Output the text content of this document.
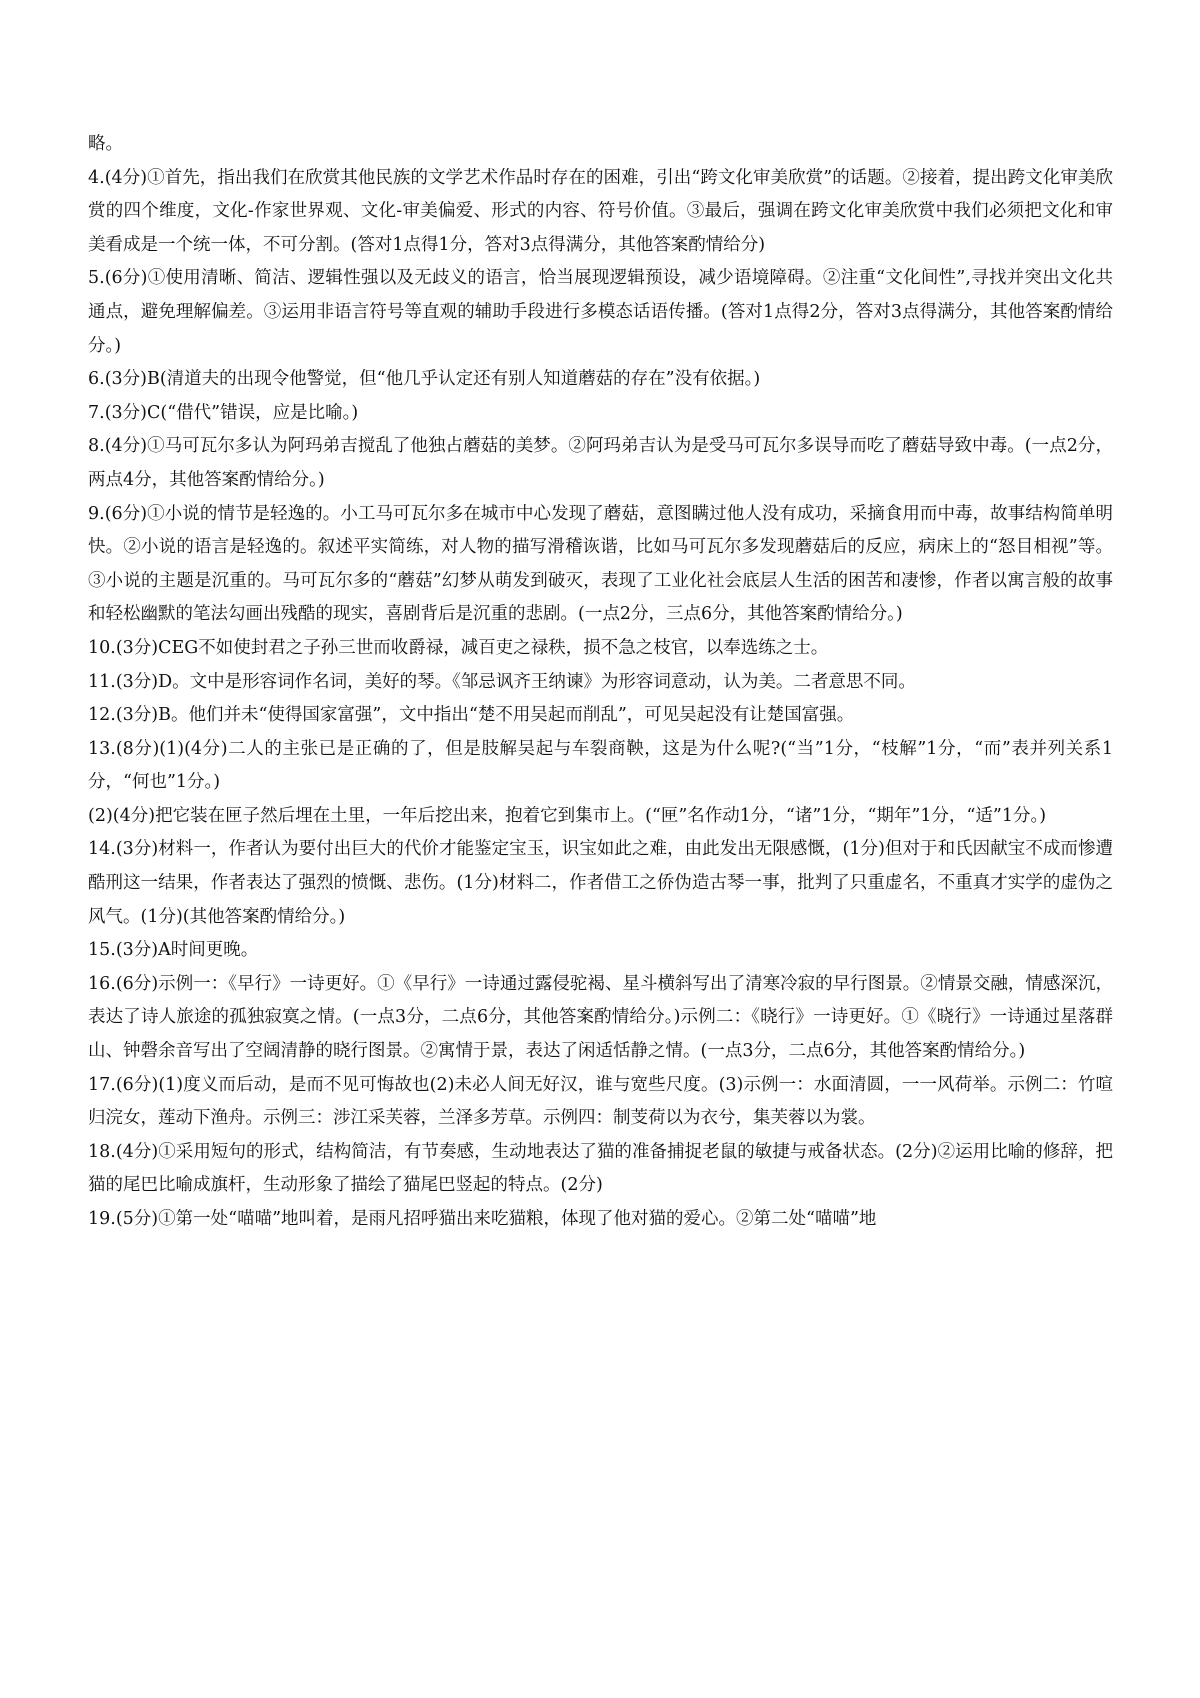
略。

4.(4分)①首先，指出我们在欣赏其他民族的文学艺术作品时存在的困难，引出“跨文化审美欣赏”的话题。②接着，提出跨文化审美欣赏的四个维度，文化-作家世界观、文化-审美偏爱、形式的内容、符号价值。③最后，强调在跨文化审美欣赏中我们必须把文化和审美看成是一个统一体，不可分割。(答对1点得1分，答对3点得满分，其他答案酌情给分)

5.(6分)①使用清晰、简洁、逻辑性强以及无歧义的语言，恰当展现逻辑预设，减少语境障碍。②注重“文化间性”,寻找并突出文化共通点，避免理解偏差。③运用非语言符号等直观的辅助手段进行多模态话语传播。(答对1点得2分，答对3点得满分，其他答案酌情给分。)

6.(3分)B(清道夫的出现令他警觉，但“他几乎认定还有别人知道蘑菇的存在”没有依据。)

7.(3分)C(“借代”错误，应是比喻。)

8.(4分)①马可瓦尔多认为阿玛弟吉搅乱了他独占蘑菇的美梦。②阿玛弟吉认为是受马可瓦尔多误导而吃了蘑菇导致中毒。(一点2分，两点4分，其他答案酌情给分。)

9.(6分)①小说的情节是轻逸的。小工马可瓦尔多在城市中心发现了蘑菇，意图瞒过他人没有成功，采摘食用而中毒，故事结构简单明快。②小说的语言是轻逸的。叙述平实简练，对人物的描写滑稽诙谐，比如马可瓦尔多发现蘑菇后的反应，病床上的“怒目相视”等。③小说的主题是沉重的。马可瓦尔多的“蘑菇”幻梦从萌发到破灭，表现了工业化社会底层人生活的困苦和凄惨，作者以寓言般的故事和轻松幽默的笔法勾画出残酷的现实，喜剧背后是沉重的悲剧。(一点2分，三点6分，其他答案酌情给分。)

10.(3分)CEG不如使封君之子孙三世而收爵禄，减百吏之禄秩，损不急之枝官，以奉选练之士。

11.(3分)D。文中是形容词作名词，美好的琴。《邹忌讽齐王纳谏》为形容词意动，认为美。二者意思不同。

12.(3分)B。他们并未“使得国家富强”，文中指出“楚不用吴起而削乱”，可见吴起没有让楚国富强。

13.(8分)(1)(4分)二人的主张已是正确的了，但是肢解吴起与车裂商鞅，这是为什么呢?(“当”1分，“枝解”1分，“而”表并列关系1分，“何也”1分。)

(2)(4分)把它装在匣子然后埋在土里，一年后挖出来，抱着它到集市上。(“匣”名作动1分，“诸”1分，“期年”1分，“适”1分。)

14.(3分)材料一，作者认为要付出巨大的代价才能鉴定宝玉，识宝如此之难，由此发出无限感慨，(1分)但对于和氏因献宝不成而惨遭酷刑这一结果，作者表达了强烈的愤慨、悲伤。(1分)材料二，作者借工之侨伪造古琴一事，批判了只重虚名，不重真才实学的虚伪之风气。(1分)(其他答案酌情给分。)

15.(3分)A时间更晚。

16.(6分)示例一：《早行》一诗更好。①《早行》一诗通过露侵驼褐、星斗横斜写出了清寒冷寂的早行图景。②情景交融，情感深沉，表达了诗人旅途的孤独寂寞之情。(一点3分，二点6分，其他答案酌情给分。)示例二：《晓行》一诗更好。①《晓行》一诗通过星落群山、钟磬余音写出了空阔清静的晓行图景。②寓情于景，表达了闲适恬静之情。(一点3分，二点6分，其他答案酌情给分。)

17.(6分)(1)度义而后动，是而不见可悔故也(2)未必人间无好汉，谁与宽些尺度。(3)示例一：水面清圆，一一风荷举。示例二：竹喧归浣女，莲动下渔舟。示例三：涉江采芙蓉，兰泽多芳草。示例四：制芰荷以为衣兮，集芙蓉以为裳。

18.(4分)①采用短句的形式，结构简洁，有节奏感，生动地表达了猫的准备捕捉老鼠的敏捷与戒备状态。(2分)②运用比喻的修辞，把猫的尾巴比喻成旗杆，生动形象了描绘了猫尾巴竖起的特点。(2分)

19.(5分)①第一处“喵喵”地叫着，是雨凡招呼猫出来吃猫粮，体现了他对猫的爱心。②第二处“喵喵”地
